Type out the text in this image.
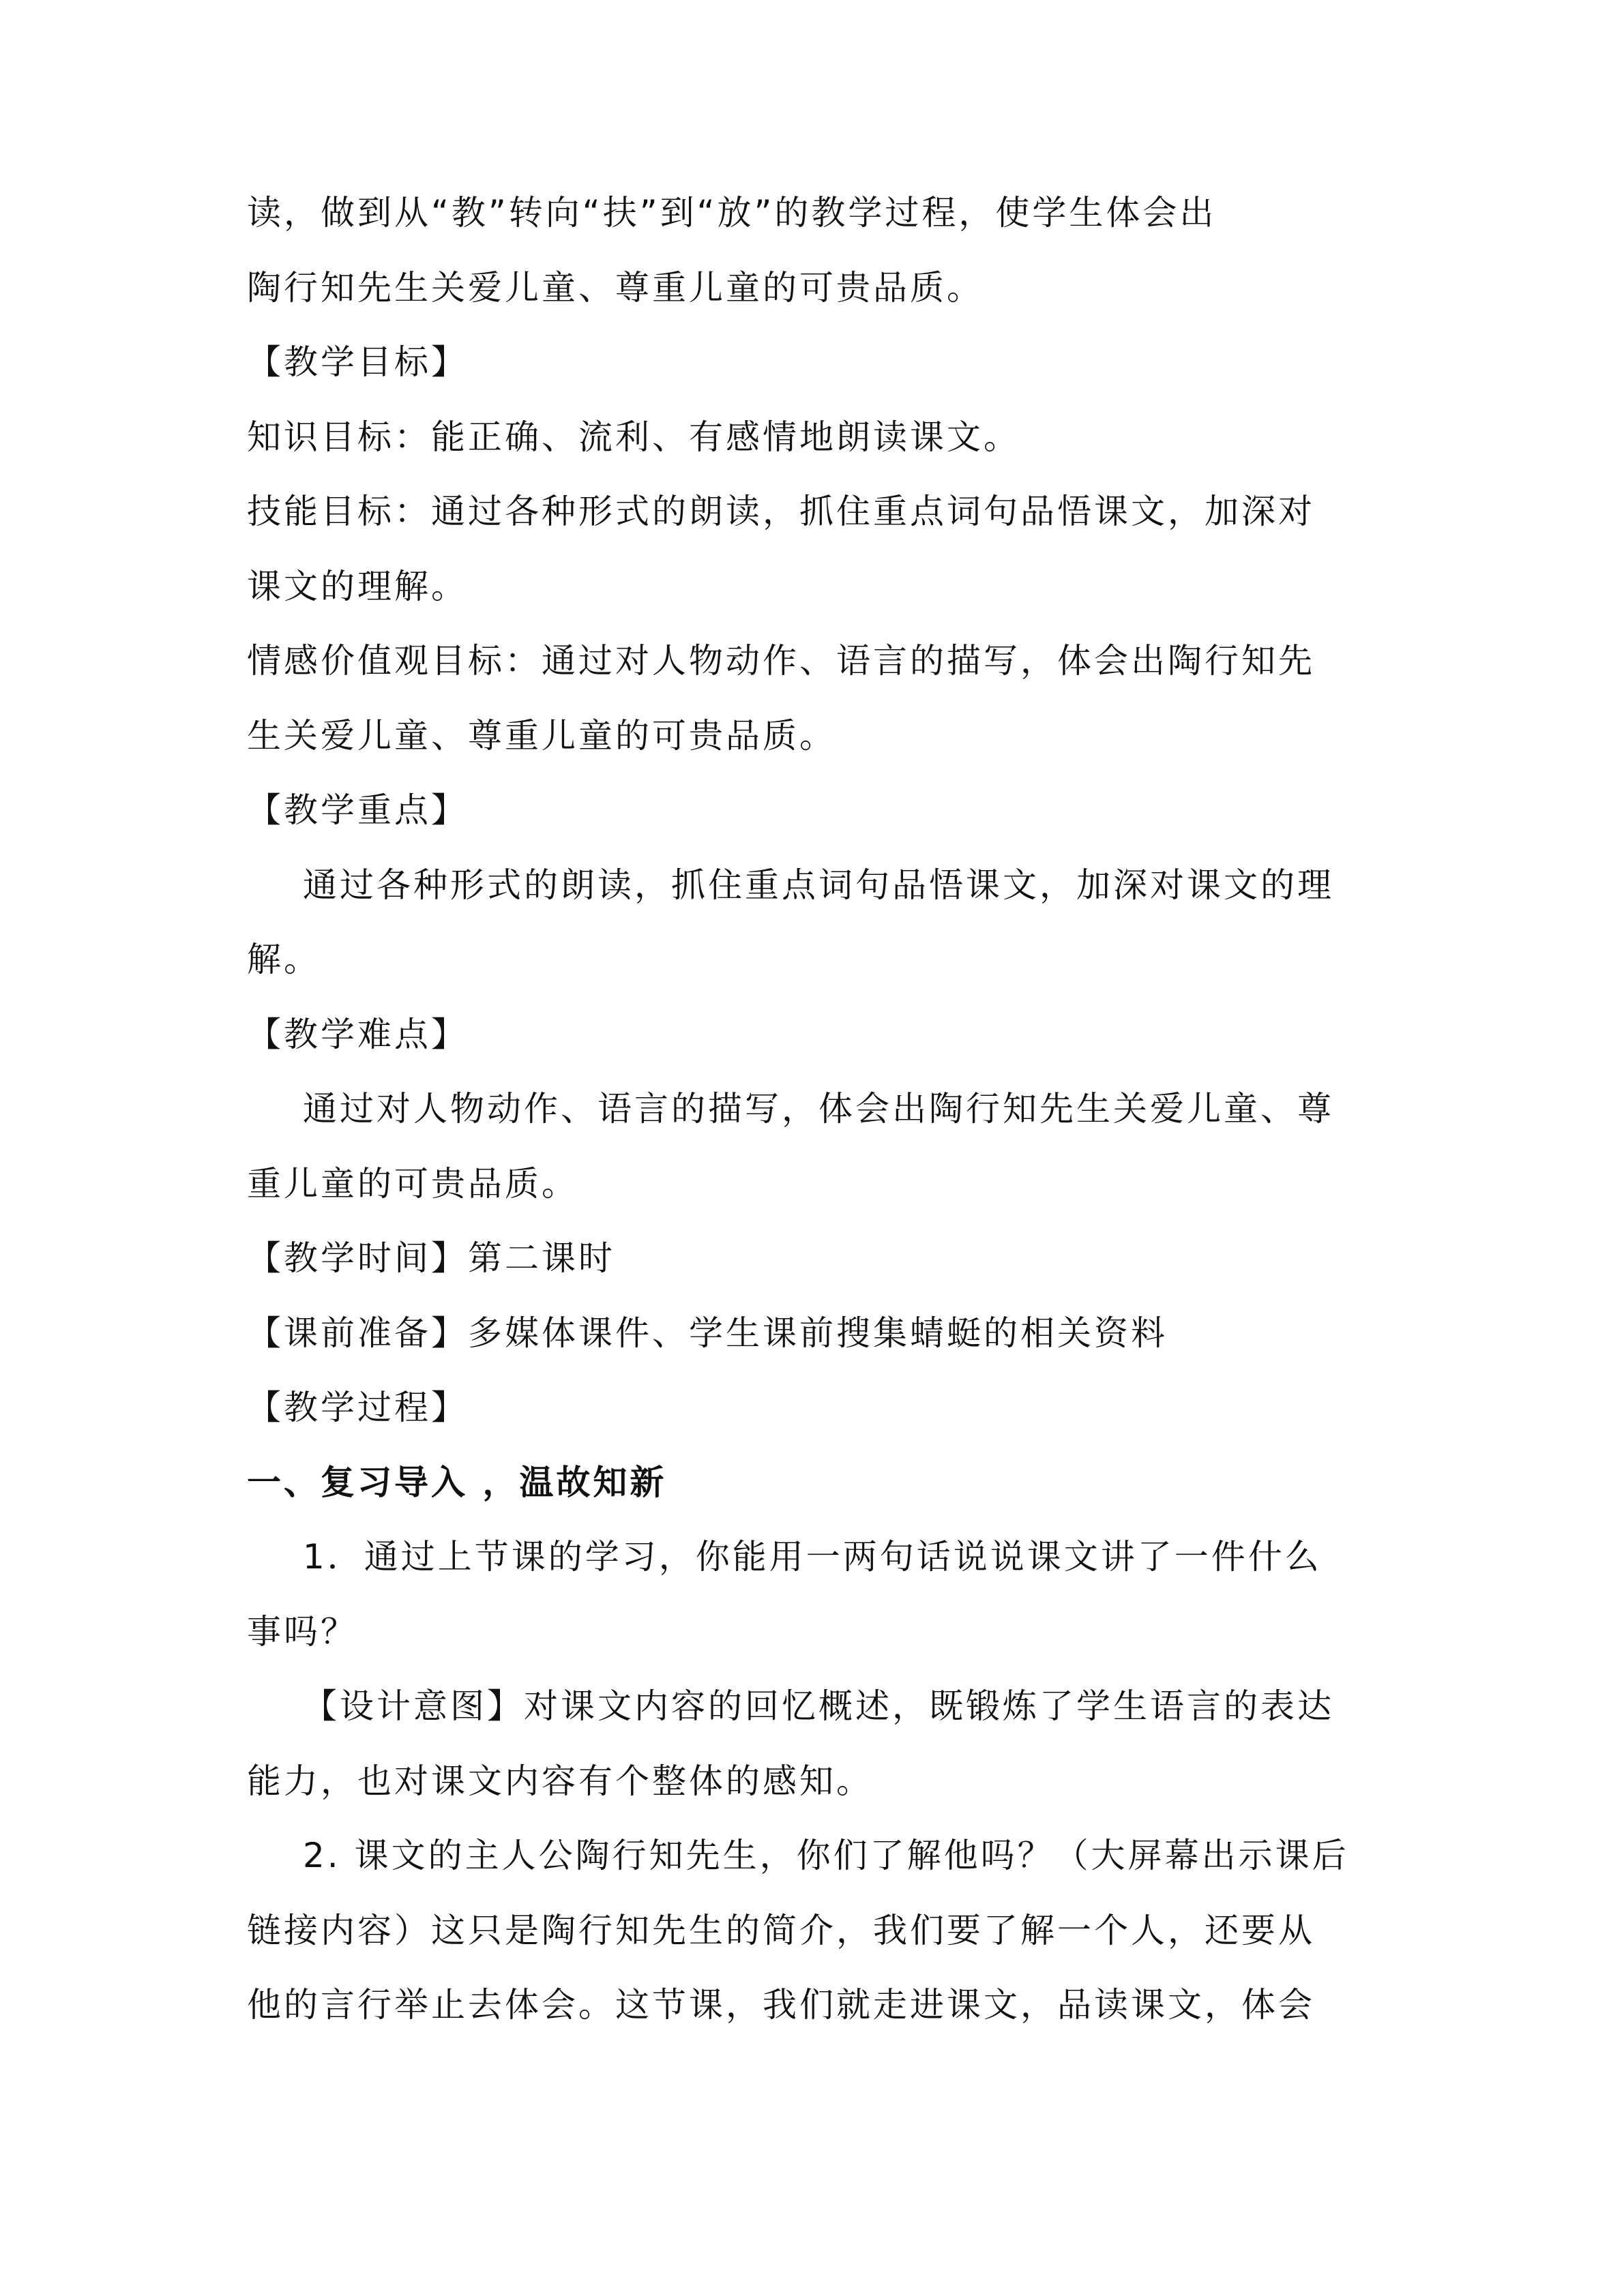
读，做到从“教”转向“扶”到“放”的教学过程，使学生体会出
陶行知先生关爱儿童、尊重儿童的可贵品质。
【教学目标】
知识目标：能正确、流利、有感情地朗读课文。
技能目标：通过各种形式的朗读，抓住重点词句品悟课文，加深对
课文的理解。
情感价值观目标：通过对人物动作、语言的描写，体会出陶行知先
生关爱儿童、尊重儿童的可贵品质。
【教学重点】
通过各种形式的朗读，抓住重点词句品悟课文，加深对课文的理
解。
【教学难点】
通过对人物动作、语言的描写，体会出陶行知先生关爱儿童、尊
重儿童的可贵品质。
【教学时间】第二课时
【课前准备】多媒体课件、学生课前搜集蜻蜓的相关资料
【教学过程】
一、复习导入 ，温故知新
1．通过上节课的学习，你能用一两句话说说课文讲了一件什么
事吗？
【设计意图】对课文内容的回忆概述，既锻炼了学生语言的表达
能力，也对课文内容有个整体的感知。
2. 课文的主人公陶行知先生，你们了解他吗？（大屏幕出示课后
链接内容）这只是陶行知先生的简介，我们要了解一个人，还要从
他的言行举止去体会。这节课，我们就走进课文，品读课文，体会
